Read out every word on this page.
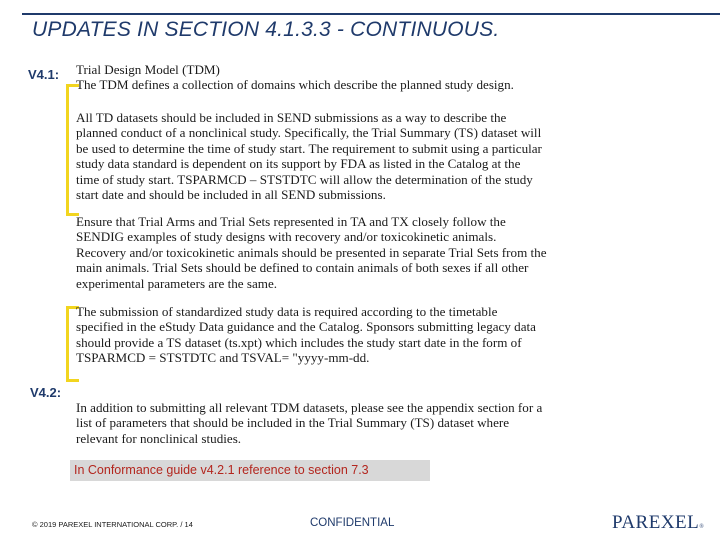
UPDATES IN SECTION 4.1.3.3 - CONTINUOUS.
V4.1: Trial Design Model (TDM)
The TDM defines a collection of domains which describe the planned study design.
All TD datasets should be included in SEND submissions as a way to describe the
planned conduct of a nonclinical study. Specifically, the Trial Summary (TS) dataset will
be used to determine the time of study start. The requirement to submit using a particular
study data standard is dependent on its support by FDA as listed in the Catalog at the
time of study start. TSPARMCD – STSTDTC will allow the determination of the study
start date and should be included in all SEND submissions.
Ensure that Trial Arms and Trial Sets represented in TA and TX closely follow the
SENDIG examples of study designs with recovery and/or toxicokinetic animals.
Recovery and/or toxicokinetic animals should be presented in separate Trial Sets from the
main animals. Trial Sets should be defined to contain animals of both sexes if all other
experimental parameters are the same.
The submission of standardized study data is required according to the timetable
specified in the eStudy Data guidance and the Catalog. Sponsors submitting legacy data
should provide a TS dataset (ts.xpt) which includes the study start date in the form of
TSPARMCD = STSTDTC and TSVAL= "yyyy-mm-dd.
V4.2:
In addition to submitting all relevant TDM datasets, please see the appendix section for a
list of parameters that should be included in the Trial Summary (TS) dataset where
relevant for nonclinical studies.
In Conformance guide v4.2.1 reference to section 7.3
© 2019 PAREXEL INTERNATIONAL CORP. / 14	CONFIDENTIAL	PAREXEL®
